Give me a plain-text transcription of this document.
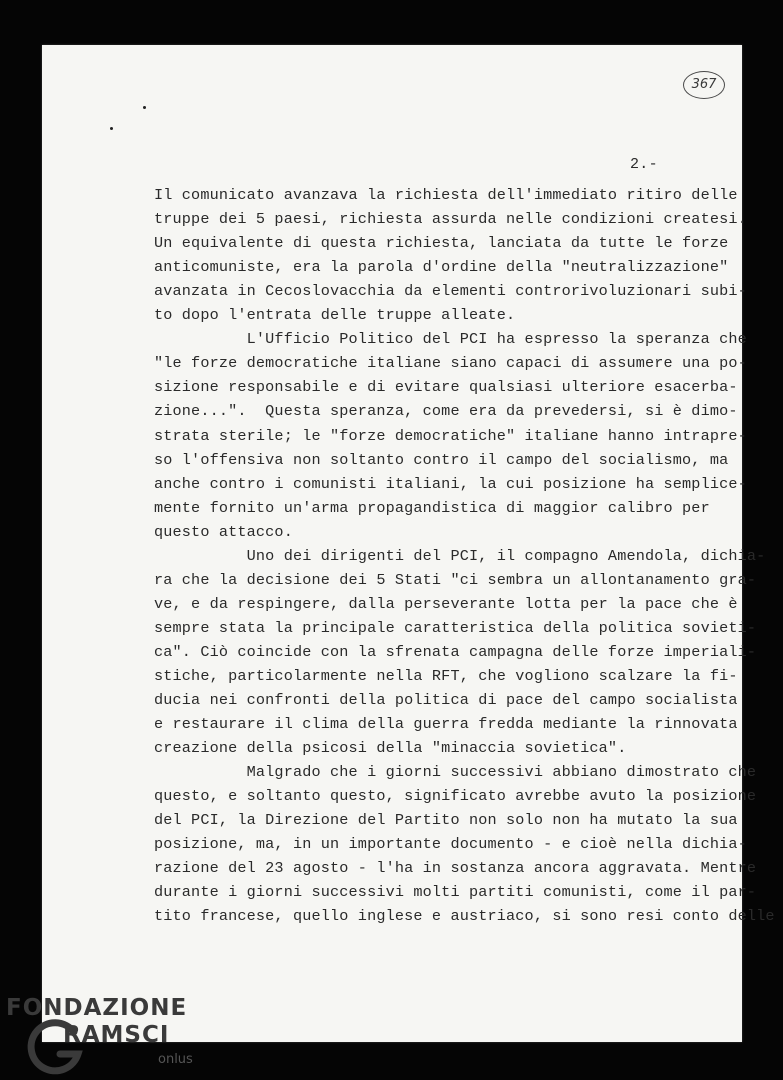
367
2.-
Il comunicato avanzava la richiesta dell'immediato ritiro delle
truppe dei 5 paesi, richiesta assurda nelle condizioni createsi.
Un equivalente di questa richiesta, lanciata da tutte le forze
anticomuniste, era la parola d'ordine della "neutralizzazione"
avanzata in Cecoslovacchia da elementi controrivoluzionari subi-
to dopo l'entrata delle truppe alleate.
L'Ufficio Politico del PCI ha espresso la speranza che
"le forze democratiche italiane siano capaci di assumere una po-
sizione responsabile e di evitare qualsiasi ulteriore esacerba-
zione...".  Questa speranza, come era da prevedersi, si è dimo-
strata sterile; le "forze democratiche" italiane hanno intrapre-
so l'offensiva non soltanto contro il campo del socialismo, ma
anche contro i comunisti italiani, la cui posizione ha semplice-
mente fornito un'arma propagandistica di maggior calibro per
questo attacco.
Uno dei dirigenti del PCI, il compagno Amendola, dichia-
ra che la decisione dei 5 Stati "ci sembra un allontanamento gra-
ve, e da respingere, dalla perseverante lotta per la pace che è
sempre stata la principale caratteristica della politica sovieti-
ca". Ciò coincide con la sfrenata campagna delle forze imperiali-
stiche, particolarmente nella RFT, che vogliono scalzare la fi-
ducia nei confronti della politica di pace del campo socialista
e restaurare il clima della guerra fredda mediante la rinnovata
creazione della psicosi della "minaccia sovietica".
Malgrado che i giorni successivi abbiano dimostrato che
questo, e soltanto questo, significato avrebbe avuto la posizione
del PCI, la Direzione del Partito non solo non ha mutato la sua
posizione, ma, in un importante documento - e cioè nella dichia-
razione del 23 agosto - l'ha in sostanza ancora aggravata. Mentre
durante i giorni successivi molti partiti comunisti, come il par-
tito francese, quello inglese e austriaco, si sono resi conto delle
FONDAZIONE
RAMSCI
onlus
